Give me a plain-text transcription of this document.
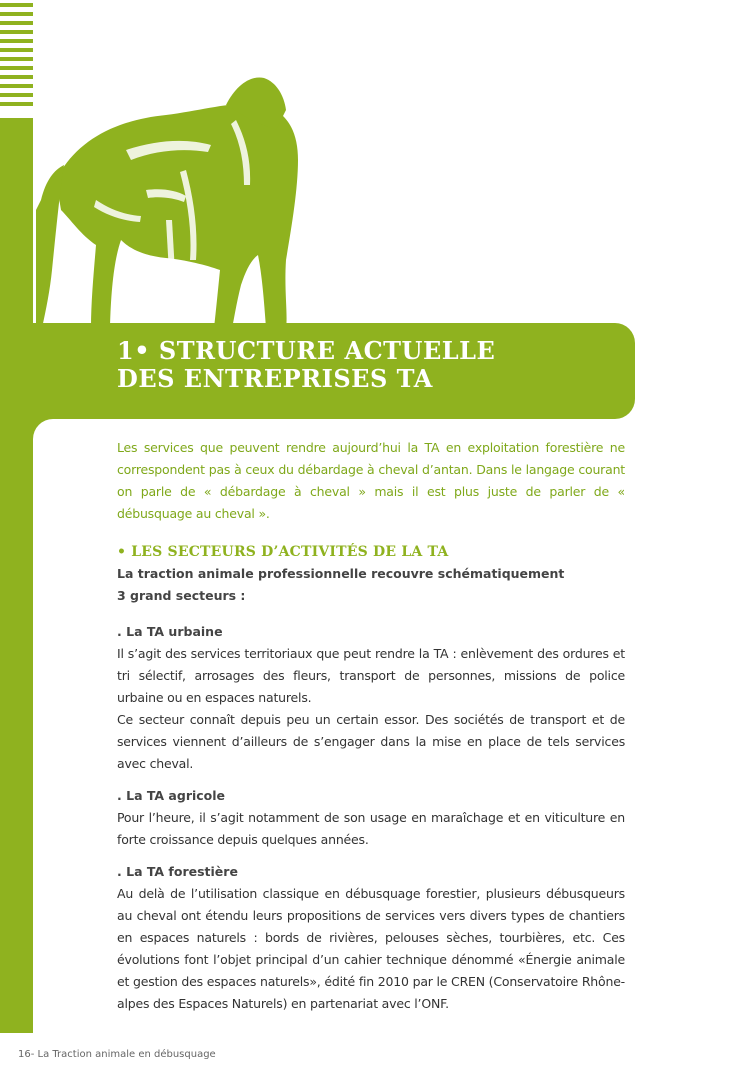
1• STRUCTURE ACTUELLE
DES ENTREPRISES TA

Les services que peuvent rendre aujourd’hui la TA en exploitation forestière ne correspondent pas à ceux du débardage à cheval d’antan. Dans le langage courant on parle de « débardage à cheval » mais il est plus juste de parler de « débusquage au cheval ».

• LES SECTEURS D’ACTIVITÉS DE LA TA

La traction animale professionnelle recouvre schématiquement
3 grand secteurs :

. La TA urbaine

Il s’agit des services territoriaux que peut rendre la TA : enlèvement des ordures et tri sélectif, arrosages des fleurs, transport de personnes, missions de police urbaine ou en espaces naturels.

Ce secteur connaît depuis peu un certain essor. Des sociétés de transport et de services viennent d’ailleurs de s’engager dans la mise en place de tels services avec cheval.

. La TA agricole

Pour l’heure, il s’agit notamment de son usage en maraîchage et en viticulture en forte croissance depuis quelques années.

. La TA forestière

Au delà de l’utilisation classique en débusquage forestier, plusieurs débusqueurs au cheval ont étendu leurs propositions de services vers divers types de chantiers en espaces naturels : bords de rivières, pelouses sèches, tourbières, etc. Ces évolutions font l’objet principal d’un cahier technique dénommé «Énergie animale et gestion des espaces naturels», édité fin 2010 par le CREN (Conservatoire Rhône-alpes des Espaces Naturels) en partenariat avec l’ONF.

16- La Traction animale en débusquage
